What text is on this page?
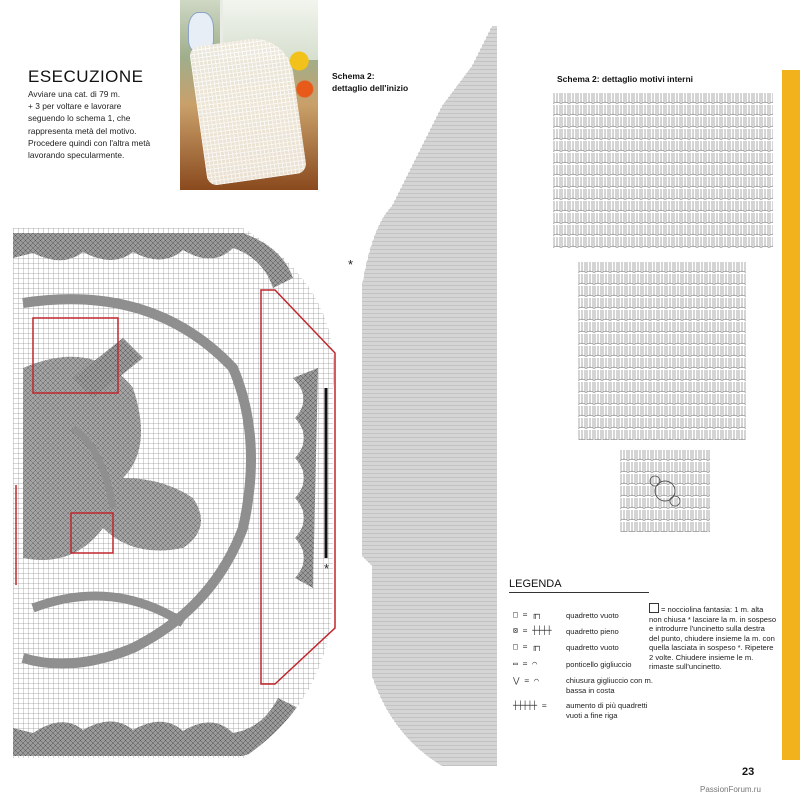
ESECUZIONE
Avviare una cat. di 79 m.
+ 3 per voltare e lavorare
seguendo lo schema 1, che
rappresenta metà del motivo.
Procedere quindi con l'altra metà
lavorando specularmente.
Schema 2:
dettaglio dell'inizio
Schema 2: dettaglio motivi interni
*
*
LEGENDA
□ = ╓┐	quadretto vuoto
⊠ = ┼┼┼┼ quadretto pieno
□ = ╓┐	quadretto vuoto
▭ = ⌒	ponticello gigliuccio
⋁ = ⌒	chiusura gigliuccio con m. bassa in costa
┼┼┼┼┼ =	aumento di più quadretti vuoti a fine riga
= nocciolina fantasia: 1 m. alta non chiusa * lasciare la m. in sospeso e introdurre l'uncinetto sulla destra del punto, chiudere insieme la m. con quella lasciata in sospeso *. Ripetere 2 volte. Chiudere insieme le m. rimaste sull'uncinetto.
23
PassionForum.ru
